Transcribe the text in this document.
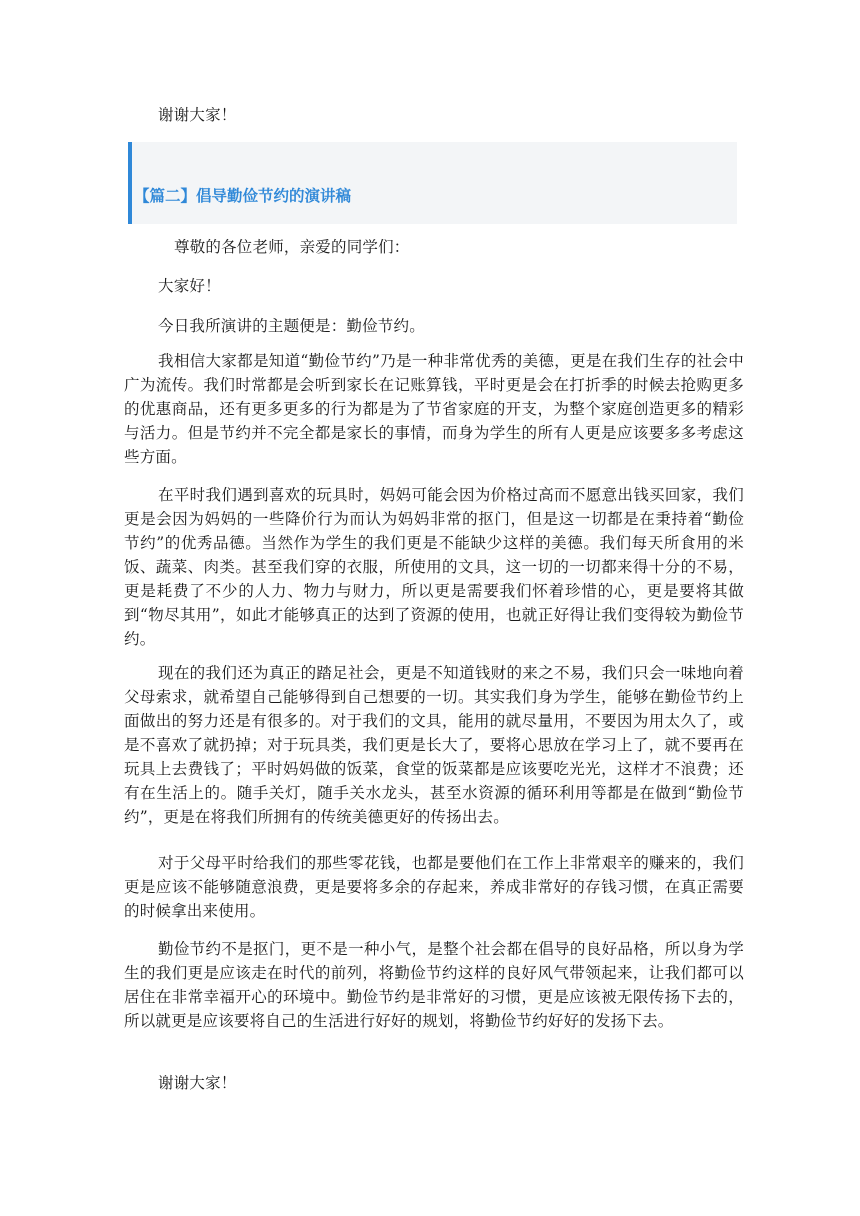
谢谢大家！

【篇二】倡导勤俭节约的演讲稿

尊敬的各位老师，亲爱的同学们：

大家好！

今日我所演讲的主题便是：勤俭节约。

我相信大家都是知道“勤俭节约”乃是一种非常优秀的美德，更是在我们生存的社会中广为流传。我们时常都是会听到家长在记账算钱，平时更是会在打折季的时候去抢购更多的优惠商品，还有更多更多的行为都是为了节省家庭的开支，为整个家庭创造更多的精彩与活力。但是节约并不完全都是家长的事情，而身为学生的所有人更是应该要多多考虑这些方面。

在平时我们遇到喜欢的玩具时，妈妈可能会因为价格过高而不愿意出钱买回家，我们更是会因为妈妈的一些降价行为而认为妈妈非常的抠门，但是这一切都是在秉持着“勤俭节约”的优秀品德。当然作为学生的我们更是不能缺少这样的美德。我们每天所食用的米饭、蔬菜、肉类。甚至我们穿的衣服，所使用的文具，这一切的一切都来得十分的不易，更是耗费了不少的人力、物力与财力，所以更是需要我们怀着珍惜的心，更是要将其做到“物尽其用”，如此才能够真正的达到了资源的使用，也就正好得让我们变得较为勤俭节约。

现在的我们还为真正的踏足社会，更是不知道钱财的来之不易，我们只会一味地向着父母索求，就希望自己能够得到自己想要的一切。其实我们身为学生，能够在勤俭节约上面做出的努力还是有很多的。对于我们的文具，能用的就尽量用，不要因为用太久了，或是不喜欢了就扔掉；对于玩具类，我们更是长大了，要将心思放在学习上了，就不要再在玩具上去费钱了；平时妈妈做的饭菜，食堂的饭菜都是应该要吃光光，这样才不浪费；还有在生活上的。随手关灯，随手关水龙头，甚至水资源的循环利用等都是在做到“勤俭节约”，更是在将我们所拥有的传统美德更好的传扬出去。

对于父母平时给我们的那些零花钱，也都是要他们在工作上非常艰辛的赚来的，我们更是应该不能够随意浪费，更是要将多余的存起来，养成非常好的存钱习惯，在真正需要的时候拿出来使用。

勤俭节约不是抠门，更不是一种小气，是整个社会都在倡导的良好品格，所以身为学生的我们更是应该走在时代的前列，将勤俭节约这样的良好风气带领起来，让我们都可以居住在非常幸福开心的环境中。勤俭节约是非常好的习惯，更是应该被无限传扬下去的，所以就更是应该要将自己的生活进行好好的规划，将勤俭节约好好的发扬下去。

谢谢大家！
